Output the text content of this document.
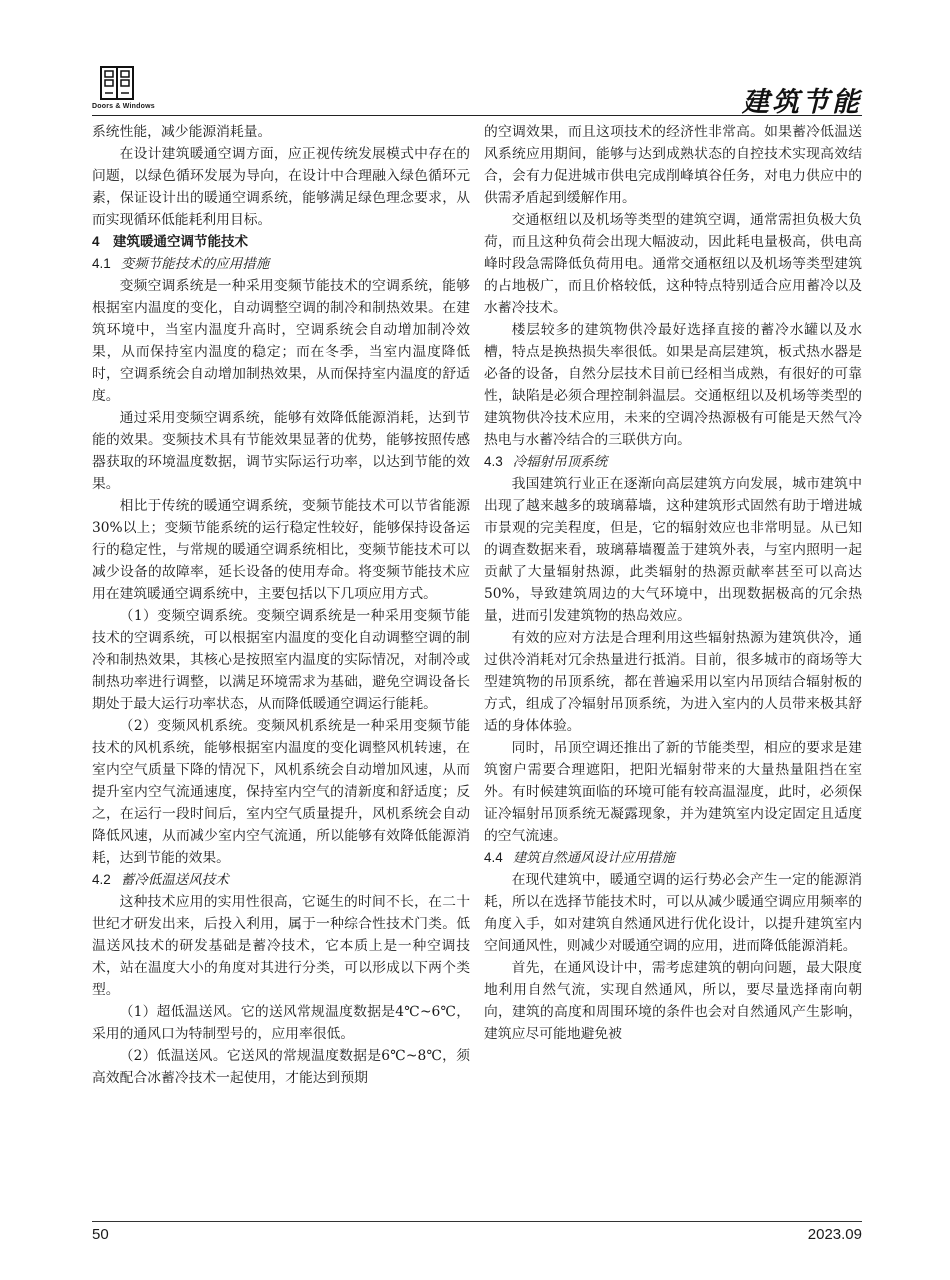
Doors & Windows	建筑节能

系统性能，减少能源消耗量。

在设计建筑暖通空调方面，应正视传统发展模式中存在的问题，以绿色循环发展为导向，在设计中合理融入绿色循环元素，保证设计出的暖通空调系统，能够满足绿色理念要求，从而实现循环低能耗利用目标。

4　建筑暖通空调节能技术
4.1 变频节能技术的应用措施

变频空调系统是一种采用变频节能技术的空调系统，能够根据室内温度的变化，自动调整空调的制冷和制热效果。在建筑环境中，当室内温度升高时，空调系统会自动增加制冷效果，从而保持室内温度的稳定；而在冬季，当室内温度降低时，空调系统会自动增加制热效果，从而保持室内温度的舒适度。

通过采用变频空调系统，能够有效降低能源消耗，达到节能的效果。变频技术具有节能效果显著的优势，能够按照传感器获取的环境温度数据，调节实际运行功率，以达到节能的效果。

相比于传统的暖通空调系统，变频节能技术可以节省能源30%以上；变频节能系统的运行稳定性较好，能够保持设备运行的稳定性，与常规的暖通空调系统相比，变频节能技术可以减少设备的故障率，延长设备的使用寿命。将变频节能技术应用在建筑暖通空调系统中，主要包括以下几项应用方式。

（1）变频空调系统。变频空调系统是一种采用变频节能技术的空调系统，可以根据室内温度的变化自动调整空调的制冷和制热效果，其核心是按照室内温度的实际情况，对制冷或制热功率进行调整，以满足环境需求为基础，避免空调设备长期处于最大运行功率状态，从而降低暖通空调运行能耗。

（2）变频风机系统。变频风机系统是一种采用变频节能技术的风机系统，能够根据室内温度的变化调整风机转速，在室内空气质量下降的情况下，风机系统会自动增加风速，从而提升室内空气流通速度，保持室内空气的清新度和舒适度；反之，在运行一段时间后，室内空气质量提升，风机系统会自动降低风速，从而减少室内空气流通，所以能够有效降低能源消耗，达到节能的效果。

4.2 蓄冷低温送风技术

这种技术应用的实用性很高，它诞生的时间不长，在二十世纪才研发出来，后投入利用，属于一种综合性技术门类。低温送风技术的研发基础是蓄冷技术，它本质上是一种空调技术，站在温度大小的角度对其进行分类，可以形成以下两个类型。

（1）超低温送风。它的送风常规温度数据是4℃~6℃，采用的通风口为特制型号的，应用率很低。

（2）低温送风。它送风的常规温度数据是6℃~8℃，须高效配合冰蓄冷技术一起使用，才能达到预期

的空调效果，而且这项技术的经济性非常高。如果蓄冷低温送风系统应用期间，能够与达到成熟状态的自控技术实现高效结合，会有力促进城市供电完成削峰填谷任务，对电力供应中的供需矛盾起到缓解作用。

交通枢纽以及机场等类型的建筑空调，通常需担负极大负荷，而且这种负荷会出现大幅波动，因此耗电量极高，供电高峰时段急需降低负荷用电。通常交通枢纽以及机场等类型建筑的占地极广，而且价格较低，这种特点特别适合应用蓄冷以及水蓄冷技术。

楼层较多的建筑物供冷最好选择直接的蓄冷水罐以及水槽，特点是换热损失率很低。如果是高层建筑，板式热水器是必备的设备，自然分层技术目前已经相当成熟，有很好的可靠性，缺陷是必须合理控制斜温层。交通枢纽以及机场等类型的建筑物供冷技术应用，未来的空调冷热源极有可能是天然气冷热电与水蓄冷结合的三联供方向。

4.3 冷辐射吊顶系统

我国建筑行业正在逐渐向高层建筑方向发展，城市建筑中出现了越来越多的玻璃幕墙，这种建筑形式固然有助于增进城市景观的完美程度，但是，它的辐射效应也非常明显。从已知的调查数据来看，玻璃幕墙覆盖于建筑外表，与室内照明一起贡献了大量辐射热源，此类辐射的热源贡献率甚至可以高达50%，导致建筑周边的大气环境中，出现数据极高的冗余热量，进而引发建筑物的热岛效应。

有效的应对方法是合理利用这些辐射热源为建筑供冷，通过供冷消耗对冗余热量进行抵消。目前，很多城市的商场等大型建筑物的吊顶系统，都在普遍采用以室内吊顶结合辐射板的方式，组成了冷辐射吊顶系统，为进入室内的人员带来极其舒适的身体体验。

同时，吊顶空调还推出了新的节能类型，相应的要求是建筑窗户需要合理遮阳，把阳光辐射带来的大量热量阻挡在室外。有时候建筑面临的环境可能有较高温湿度，此时，必须保证冷辐射吊顶系统无凝露现象，并为建筑室内设定固定且适度的空气流速。

4.4 建筑自然通风设计应用措施

在现代建筑中，暖通空调的运行势必会产生一定的能源消耗，所以在选择节能技术时，可以从减少暖通空调应用频率的角度入手，如对建筑自然通风进行优化设计，以提升建筑室内空间通风性，则减少对暖通空调的应用，进而降低能源消耗。

首先，在通风设计中，需考虑建筑的朝向问题，最大限度地利用自然气流，实现自然通风，所以，要尽量选择南向朝向，建筑的高度和周围环境的条件也会对自然通风产生影响，建筑应尽可能地避免被

50	2023.09
